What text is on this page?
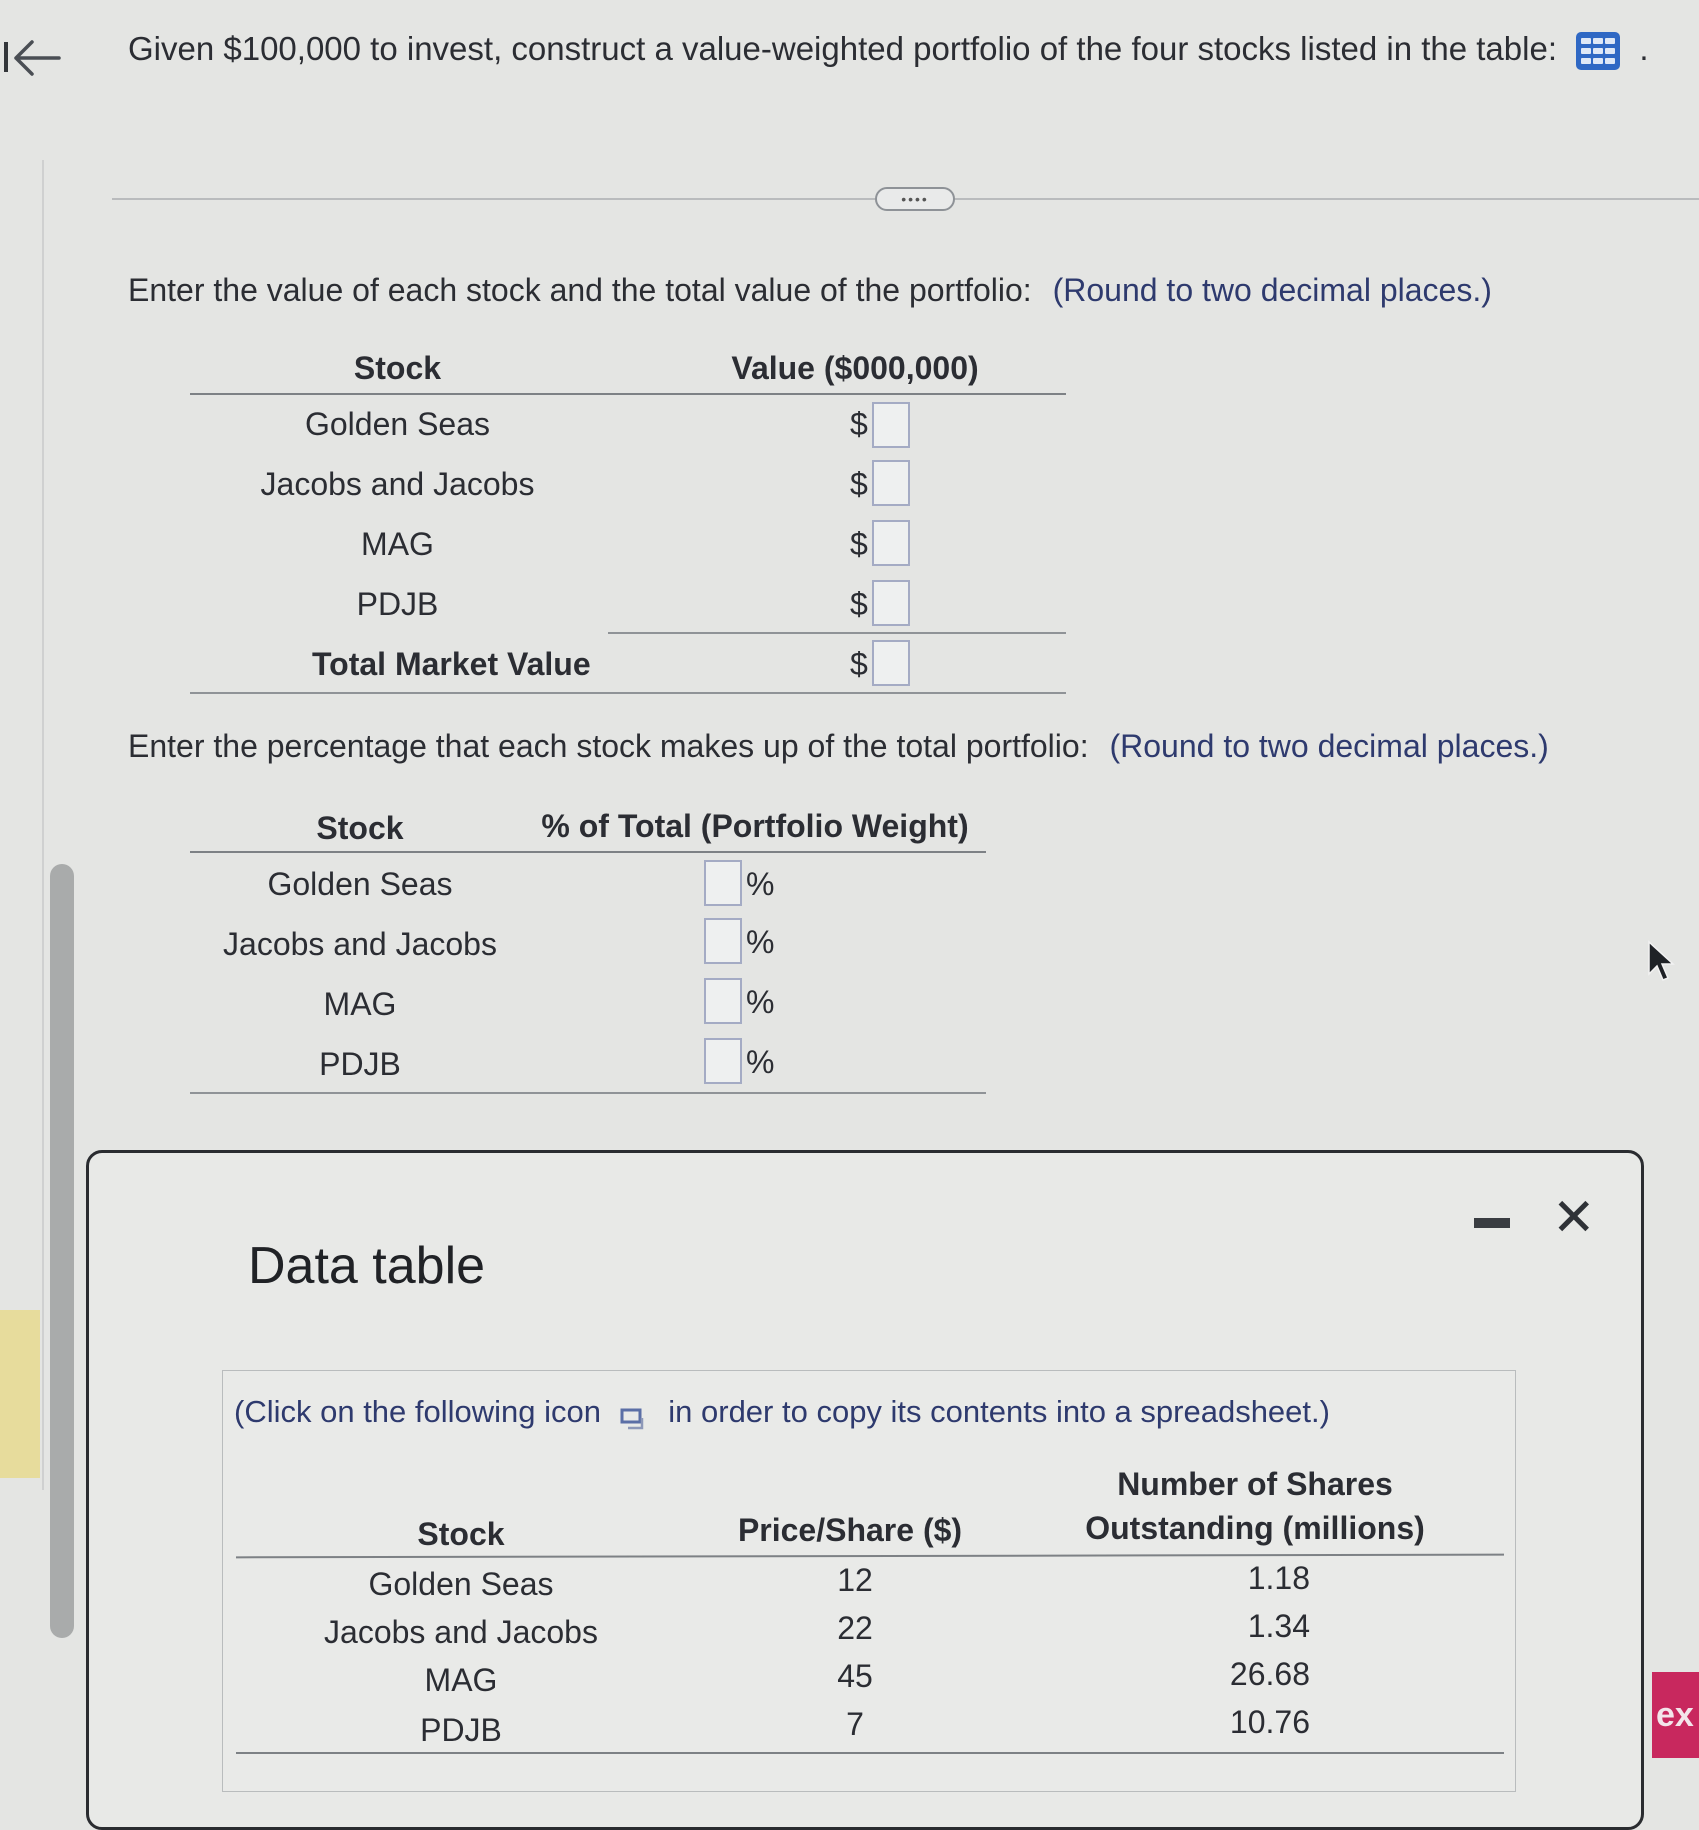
Given $100,000 to invest, construct a value-weighted portfolio of the four stocks listed in the table: .
••••
Enter the value of each stock and the total value of the portfolio: (Round to two decimal places.)
Stock	Value ($000,000)
Golden Seas	$
Jacobs and Jacobs	$
MAG	$
PDJB	$
Total Market Value	$
Enter the percentage that each stock makes up of the total portfolio: (Round to two decimal places.)
Stock	% of Total (Portfolio Weight)
Golden Seas	%
Jacobs and Jacobs	%
MAG	%
PDJB	%
Data table
✕
(Click on the following icon in order to copy its contents into a spreadsheet.)
Stock	Price/Share ($)
Number of Shares
Outstanding (millions)
Golden Seas	12	1.18
Jacobs and Jacobs	22	1.34
MAG	45	26.68
PDJB	7	10.76	ex
